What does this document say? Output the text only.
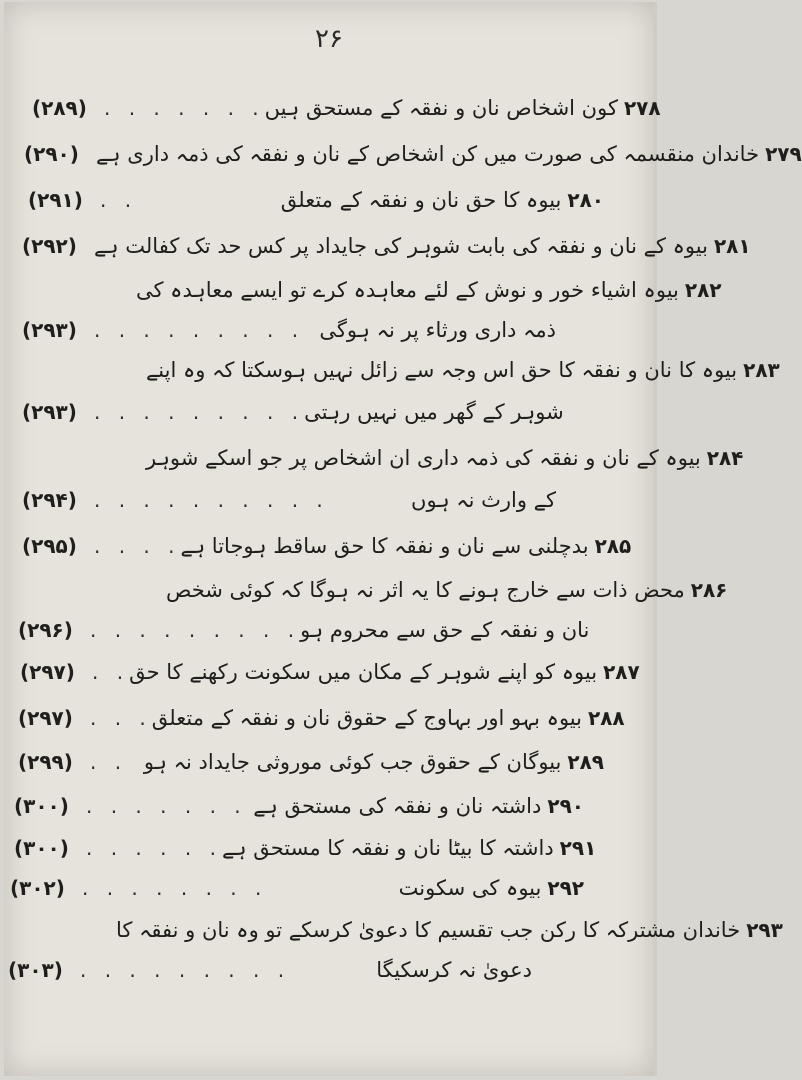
۲۶
(۲۸۹) . . . . . . . کون اشخاص نان و نفقہ کے مستحق ہیں ۲۷۸
(۲۹۰) خاندان منقسمہ کی صورت میں کن اشخاص کے نان و نفقہ کی ذمہ داری ہے ۲۷۹
(۲۹۱) . .	بیوہ کا حق نان و نفقہ کے متعلق ۲۸۰
(۲۹۲) بیوہ کے نان و نفقہ کی بابت شوہر کی جایداد پر کس حد تک کفالت ہے ۲۸۱
بیوہ اشیاء خور و نوش کے لئے معاہدہ کرے تو ایسے معاہدہ کی ۲۸۲
(۲۹۳) . . . . . . . . . ذمہ داری ورثاء پر نہ ہوگی
بیوہ کا نان و نفقہ کا حق اس وجہ سے زائل نہیں ہوسکتا کہ وہ اپنے ۲۸۳
(۲۹۳) . . . . . . . . . شوہر کے گھر میں نہیں رہتی
بیوہ کے نان و نفقہ کی ذمہ داری ان اشخاص پر جو اسکے شوہر ۲۸۴
(۲۹۴) . . . . . . . . . .	کے وارث نہ ہوں
(۲۹۵) . . . . بدچلنی سے نان و نفقہ کا حق ساقط ہوجاتا ہے ۲۸۵
محض ذات سے خارج ہونے کا یہ اثر نہ ہوگا کہ کوئی شخص ۲۸۶
(۲۹۶) . . . . . . . . . نان و نفقہ کے حق سے محروم ہو
(۲۹۷) . . بیوہ کو اپنے شوہر کے مکان میں سکونت رکھنے کا حق ۲۸۷
(۲۹۷) . . . بیوہ بہو اور بہاوج کے حقوق نان و نفقہ کے متعلق ۲۸۸
(۲۹۹) . . بیوگان کے حقوق جب کوئی موروثی جایداد نہ ہو ۲۸۹
(۳۰۰) . . . . . . . داشتہ نان و نفقہ کی مستحق ہے ۲۹۰
(۳۰۰) . . . . . . داشتہ کا بیٹا نان و نفقہ کا مستحق ہے ۲۹۱
(۳۰۲) . . . . . . . .	بیوہ کی سکونت ۲۹۲
خاندان مشترکہ کا رکن جب تقسیم کا دعویٰ کرسکے تو وہ نان و نفقہ کا ۲۹۳
(۳۰۳) . . . . . . . . .	دعویٰ نہ کرسکیگا
